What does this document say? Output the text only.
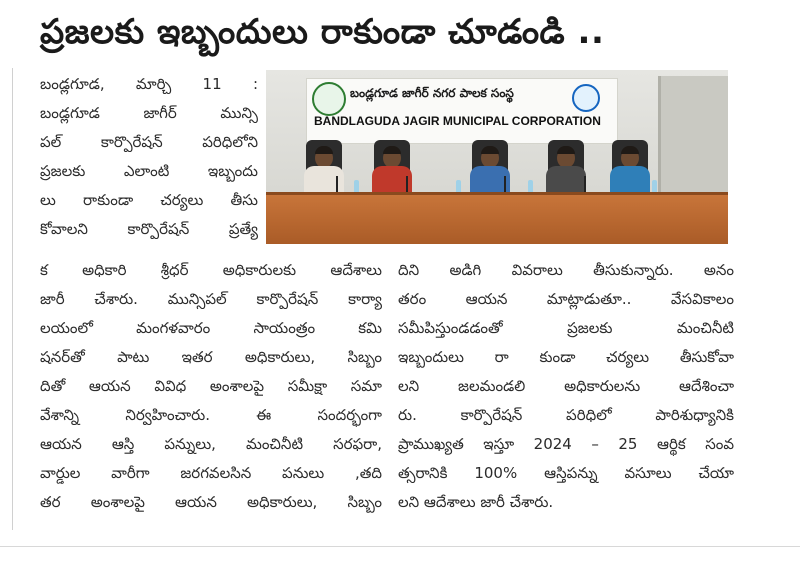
ప్రజలకు ఇబ్బందులు రాకుండా చూడండి ..
బండ్లగూడ, మార్చి 11 :
బండ్లగూడ జాగీర్ మున్సి
పల్ కార్పొరేషన్ పరిధిలోని
ప్రజలకు ఎలాంటి ఇబ్బందు
లు రాకుండా చర్యలు తీసు
కోవాలని కార్పొరేషన్ ప్రత్యే
బండ్లగూడ జాగీర్ నగర పాలక సంస్థ
BANDLAGUDA JAGIR MUNICIPAL CORPORATION
క అధికారి శ్రీధర్ అధికారులకు ఆదేశాలు
జారీ చేశారు. మున్సిపల్ కార్పొరేషన్ కార్యా
లయంలో మంగళవారం సాయంత్రం కమి
షనర్‌తో పాటు ఇతర అధికారులు, సిబ్బం
దితో ఆయన వివిధ అంశాలపై సమీక్షా సమా
వేశాన్ని నిర్వహించారు. ఈ సందర్భంగా
ఆయన ఆస్తి పన్నులు, మంచినీటి సరఫరా,
వార్డుల వారీగా జరగవలసిన పనులు ,తది
తర అంశాలపై ఆయన అధికారులు, సిబ్బం
దిని అడిగి వివరాలు తీసుకున్నారు. అనం
తరం ఆయన మాట్లాడుతూ.. వేసవికాలం
సమీపిస్తుండడంతో ప్రజలకు మంచినీటి
ఇబ్బందులు రా కుండా చర్యలు తీసుకోవా
లని జలమండలి అధికారులను ఆదేశించా
రు. కార్పొరేషన్ పరిధిలో పారిశుధ్యానికి
ప్రాముఖ్యత ఇస్తూ 2024 – 25 ఆర్థిక సంవ
త్సరానికి 100% ఆస్తిపన్ను వసూలు చేయా
లని ఆదేశాలు జారీ చేశారు.
